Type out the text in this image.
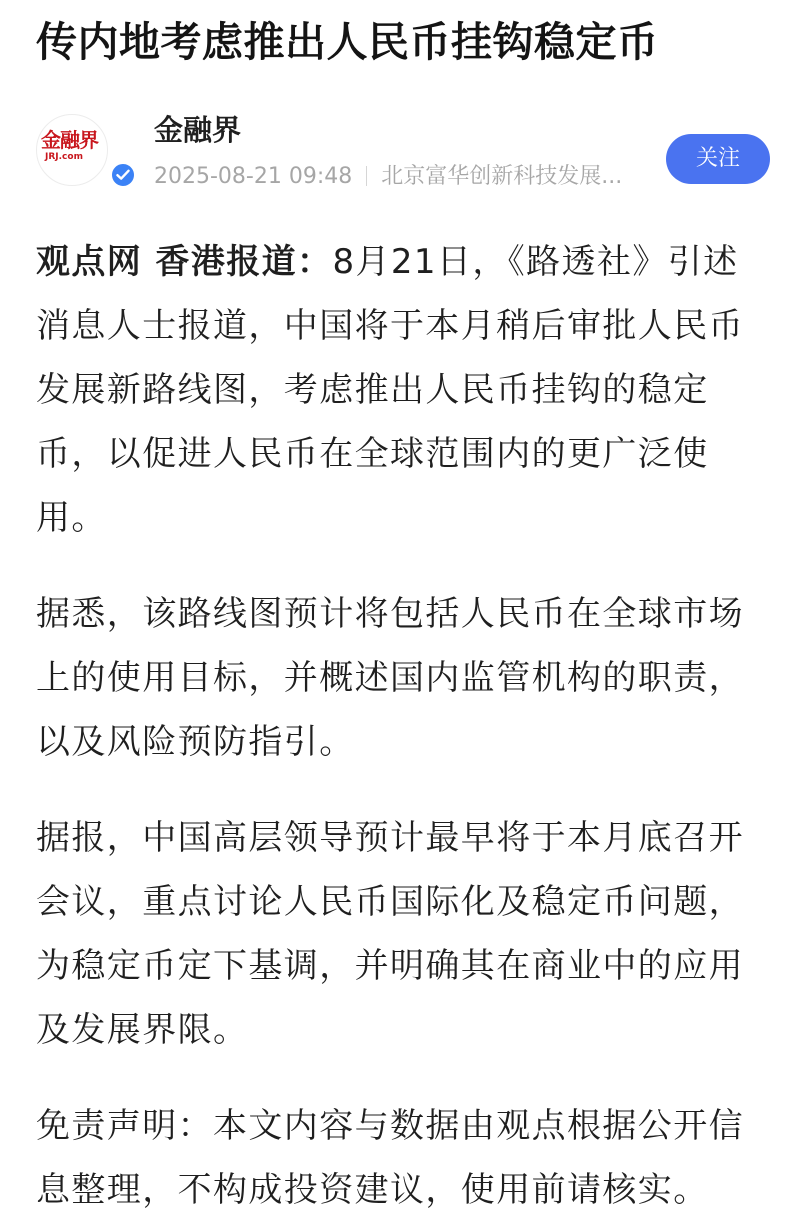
传内地考虑推出人民币挂钩稳定币
金融界
JRJ.com
金融界
2025-08-21 09:48 北京富华创新科技发展...
关注

观点网 香港报道：8月21日，《路透社》引述消息人士报道，中国将于本月稍后审批人民币发展新路线图，考虑推出人民币挂钩的稳定币，以促进人民币在全球范围内的更广泛使用。

据悉，该路线图预计将包括人民币在全球市场上的使用目标，并概述国内监管机构的职责，以及风险预防指引。

据报，中国高层领导预计最早将于本月底召开会议，重点讨论人民币国际化及稳定币问题，为稳定币定下基调，并明确其在商业中的应用及发展界限。

免责声明：本文内容与数据由观点根据公开信息整理，不构成投资建议，使用前请核实。
